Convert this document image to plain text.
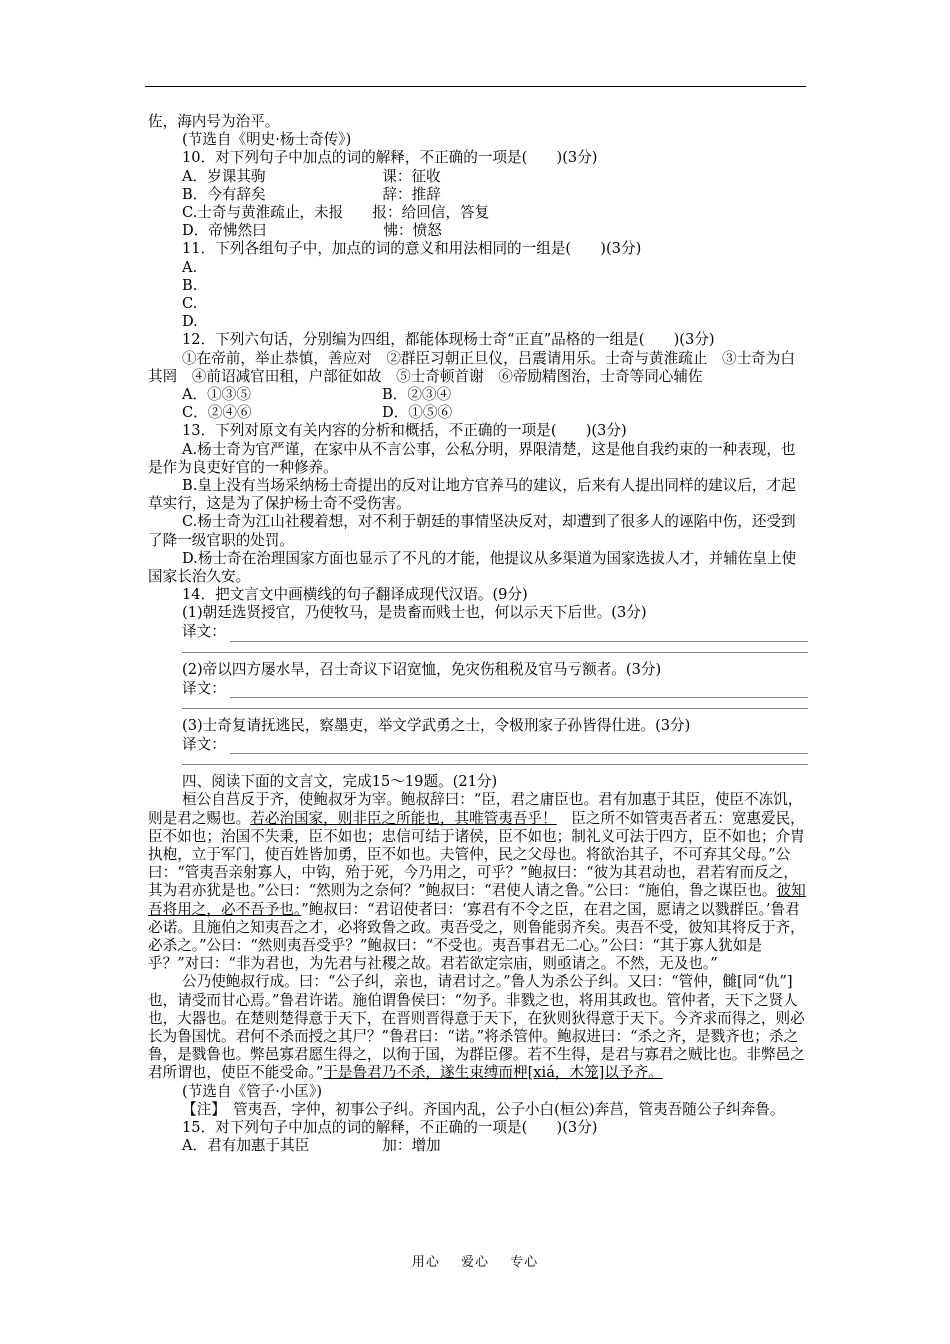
佐，海内号为治平。

(节选自《明史·杨士奇传》)

10．对下列句子中加点的词的解释，不正确的一项是(　　)(3分)

A．岁课其驹　　　　　　　　课：征收

B．今有辞矣　　　　　　　　辞：推辞

C.士奇与黄淮疏止，未报　　报：给回信，答复

D．帝怫然曰　　　　　　　　怫：愤怒

11．下列各组句子中，加点的词的意义和用法相同的一组是(　　)(3分)

A.

B.

C.

D.

12．下列六句话，分别编为四组，都能体现杨士奇“正直”品格的一组是(　　)(3分)

①在帝前，举止恭慎，善应对　②群臣习朝正旦仪，吕震请用乐。士奇与黄淮疏止　③士奇为白其罔　④前诏减官田租，户部征如故　⑤士奇顿首谢　⑥帝励精图治，士奇等同心辅佐

A．①③⑤	B．②③④
C．②④⑥	D．①⑤⑥

13．下列对原文有关内容的分析和概括，不正确的一项是(　　)(3分)

A.杨士奇为官严谨，在家中从不言公事，公私分明，界限清楚，这是他自我约束的一种表现，也是作为良吏好官的一种修养。

B.皇上没有当场采纳杨士奇提出的反对让地方官养马的建议，后来有人提出同样的建议后，才起草实行，这是为了保护杨士奇不受伤害。

C.杨士奇为江山社稷着想，对不利于朝廷的事情坚决反对，却遭到了很多人的诬陷中伤，还受到了降一级官职的处罚。

D.杨士奇在治理国家方面也显示了不凡的才能，他提议从多渠道为国家选拔人才，并辅佐皇上使国家长治久安。

14．把文言文中画横线的句子翻译成现代汉语。(9分)

(1)朝廷选贤授官，乃使牧马，是贵畜而贱士也，何以示天下后世。(3分)

译文：

(2)帝以四方屡水旱，召士奇议下诏宽恤，免灾伤租税及官马亏额者。(3分)

译文：

(3)士奇复请抚逃民，察墨吏，举文学武勇之士，令极刑家子孙皆得仕进。(3分)

译文：

四、阅读下面的文言文，完成15～19题。(21分)

桓公自莒反于齐，使鲍叔牙为宰。鲍叔辞曰：“臣，君之庸臣也。君有加惠于其臣，使臣不冻饥，则是君之赐也。若必治国家，则非臣之所能也，其唯管夷吾乎！　臣之所不如管夷吾者五：宽惠爱民，臣不如也；治国不失秉，臣不如也；忠信可结于诸侯，臣不如也；制礼义可法于四方，臣不如也；介胄执枹，立于军门，使百姓皆加勇，臣不如也。夫管仲，民之父母也。将欲治其子，不可弃其父母。”公曰：“管夷吾亲射寡人，中钩，殆于死，今乃用之，可乎？”鲍叔曰：“彼为其君动也，君若宥而反之，其为君亦犹是也。”公曰：“然则为之奈何？”鲍叔曰：“君使人请之鲁。”公曰：“施伯，鲁之谋臣也。彼知吾将用之，必不吾予也。”鲍叔曰：“君诏使者曰：‘寡君有不令之臣，在君之国，愿请之以戮群臣。’鲁君必诺。且施伯之知夷吾之才，必将致鲁之政。夷吾受之，则鲁能弱齐矣。夷吾不受，彼知其将反于齐，必杀之。”公曰：“然则夷吾受乎？”鲍叔曰：“不受也。夷吾事君无二心。”公曰：“其于寡人犹如是乎？”对曰：“非为君也，为先君与社稷之故。君若欲定宗庙，则亟请之。不然，无及也。”

公乃使鲍叔行成。曰：“公子纠，亲也，请君讨之。”鲁人为杀公子纠。又曰：“管仲，雠[同“仇”]也，请受而甘心焉。”鲁君许诺。施伯谓鲁侯曰：“勿予。非戮之也，将用其政也。管仲者，天下之贤人也，大器也。在楚则楚得意于天下，在晋则晋得意于天下，在狄则狄得意于天下。今齐求而得之，则必长为鲁国忧。君何不杀而授之其尸？”鲁君曰：“诺。”将杀管仲。鲍叔进曰：“杀之齐，是戮齐也；杀之鲁，是戮鲁也。弊邑寡君愿生得之，以徇于国，为群臣僇。若不生得，是君与寡君之贼比也。非弊邑之君所谓也，使臣不能受命。”于是鲁君乃不杀，遂生束缚而柙[xiá，木笼]以予齐。

(节选自《管子·小匡》)

【注】　管夷吾，字仲，初事公子纠。齐国内乱，公子小白(桓公)奔莒，管夷吾随公子纠奔鲁。

15．对下列句子中加点的词的解释，不正确的一项是(　　)(3分)

A．君有加惠于其臣　　　　　加：增加

用心 爱心 专心
